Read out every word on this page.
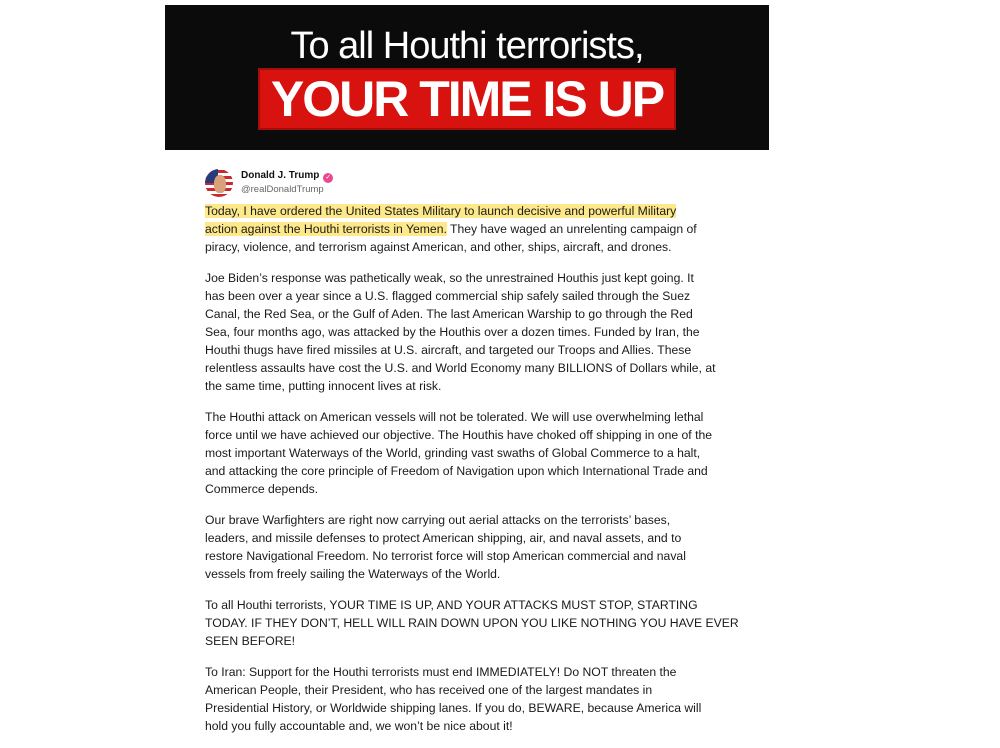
To all Houthi terrorists,
YOUR TIME IS UP
Donald J. Trump ✓
@realDonaldTrump

Today, I have ordered the United States Military to launch decisive and powerful Military
action against the Houthi terrorists in Yemen. They have waged an unrelenting campaign of
piracy, violence, and terrorism against American, and other, ships, aircraft, and drones.

Joe Biden’s response was pathetically weak, so the unrestrained Houthis just kept going. It
has been over a year since a U.S. flagged commercial ship safely sailed through the Suez
Canal, the Red Sea, or the Gulf of Aden. The last American Warship to go through the Red
Sea, four months ago, was attacked by the Houthis over a dozen times. Funded by Iran, the
Houthi thugs have fired missiles at U.S. aircraft, and targeted our Troops and Allies. These
relentless assaults have cost the U.S. and World Economy many BILLIONS of Dollars while, at
the same time, putting innocent lives at risk.

The Houthi attack on American vessels will not be tolerated. We will use overwhelming lethal
force until we have achieved our objective. The Houthis have choked off shipping in one of the
most important Waterways of the World, grinding vast swaths of Global Commerce to a halt,
and attacking the core principle of Freedom of Navigation upon which International Trade and
Commerce depends.

Our brave Warfighters are right now carrying out aerial attacks on the terrorists’ bases,
leaders, and missile defenses to protect American shipping, air, and naval assets, and to
restore Navigational Freedom. No terrorist force will stop American commercial and naval
vessels from freely sailing the Waterways of the World.

To all Houthi terrorists, YOUR TIME IS UP, AND YOUR ATTACKS MUST STOP, STARTING
TODAY. IF THEY DON’T, HELL WILL RAIN DOWN UPON YOU LIKE NOTHING YOU HAVE EVER
SEEN BEFORE!

To Iran: Support for the Houthi terrorists must end IMMEDIATELY! Do NOT threaten the
American People, their President, who has received one of the largest mandates in
Presidential History, or Worldwide shipping lanes. If you do, BEWARE, because America will
hold you fully accountable and, we won’t be nice about it!
